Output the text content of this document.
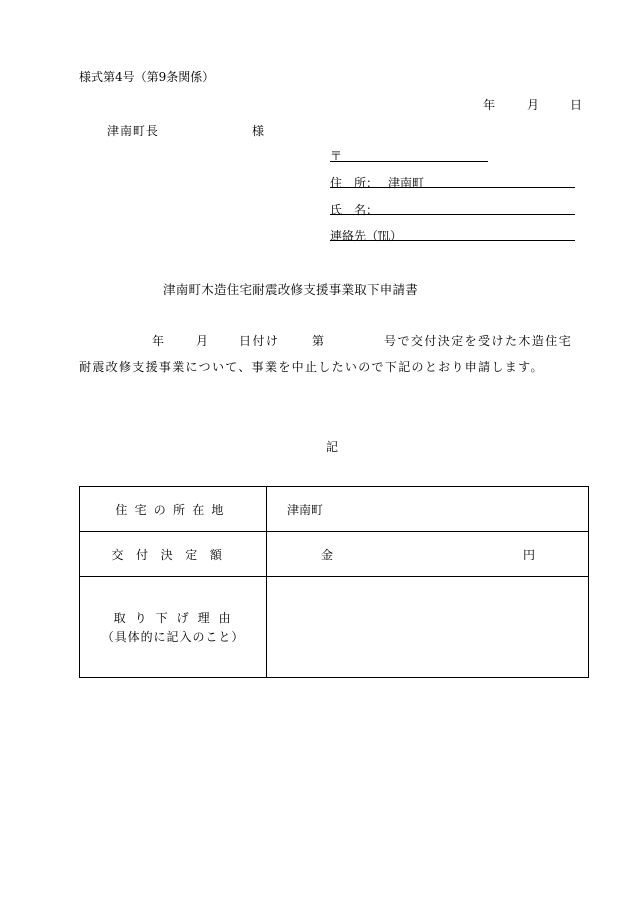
様式第4号（第9条関係）
年	月	日
津南町長	様
〒
住　所： 津南町
氏　名：
連絡先（℡）
津南町木造住宅耐震改修支援事業取下申請書
年	月	日付け	第	号で交付決定を受けた木造住宅
耐震改修支援事業について、事業を中止したいので下記のとおり申請します。
記
住宅の所在地	津南町
交付決定額	金 円

取り下げ理由
（具体的に記入のこと）	
